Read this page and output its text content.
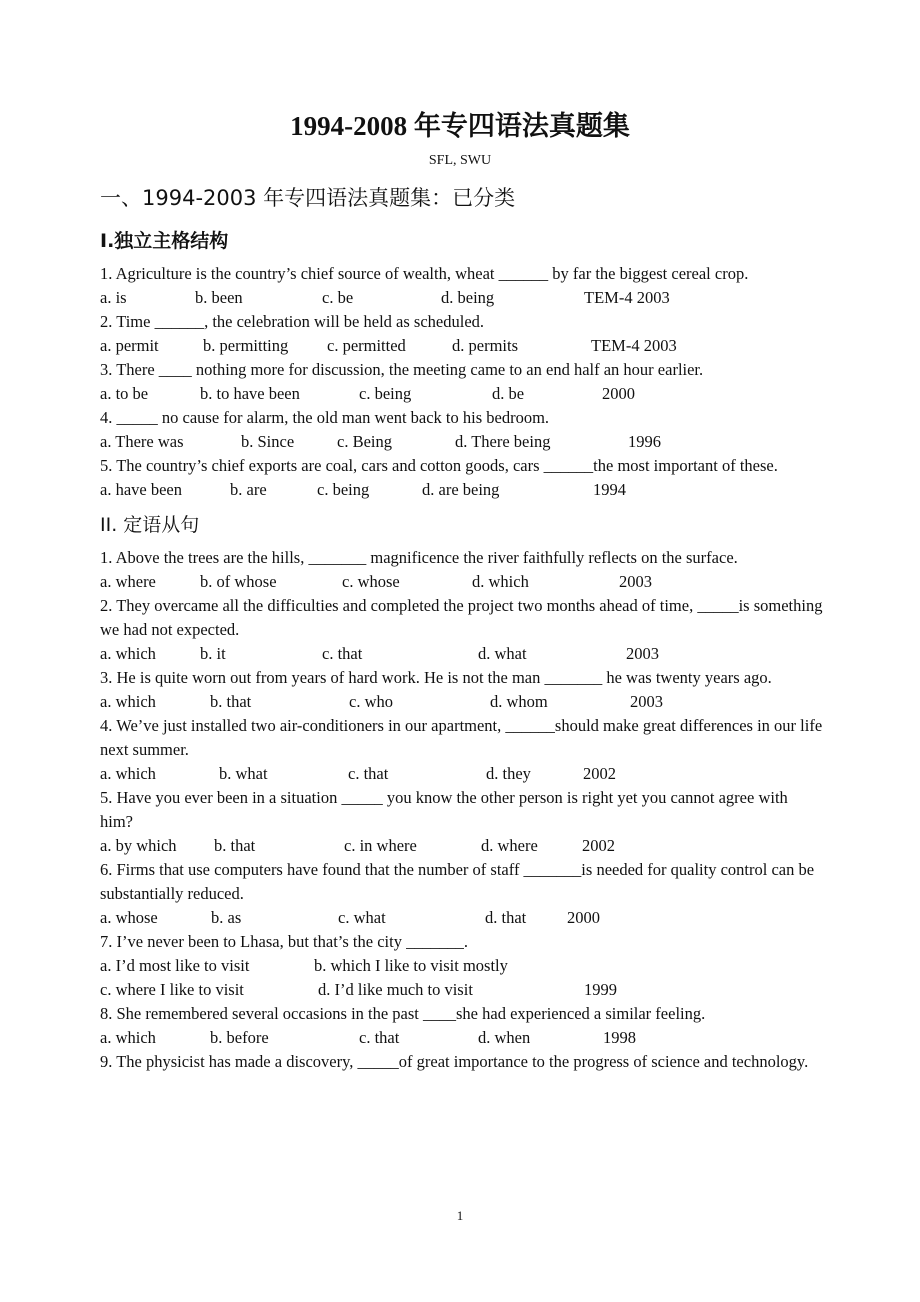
1994-2008 年专四语法真题集
SFL, SWU
一、1994-2003 年专四语法真题集：已分类
I.独立主格结构

1. Agriculture is the country’s chief source of wealth, wheat ______ by far the biggest cereal crop.

a. is	b. been	c. be	d. being	TEM-4 2003

2. Time ______, the celebration will be held as scheduled.

a. permit	b. permitting c. permitted	d. permits	TEM-4 2003

3. There ____ nothing more for discussion, the meeting came to an end half an hour earlier.

a. to be	b. to have been	c. being	d. be	2000

4. _____ no cause for alarm, the old man went back to his bedroom.

a. There was	b. Since	c. Being	d. There being	1996

5. The country’s chief exports are coal, cars and cotton goods, cars ______the most important of these.

a. have been	b. are	c. being	d. are being	1994
II. 定语从句

1. Above the trees are the hills, _______ magnificence the river faithfully reflects on the surface.

a. where	b. of whose	c. whose	d. which	2003

2. They overcame all the difficulties and completed the project two months ahead of time, _____is something we had not expected.

a. which	b. it	c. that	d. what	2003

3. He is quite worn out from years of hard work. He is not the man _______ he was twenty years ago.

a. which	b. that	c. who	d. whom	2003

4. We’ve just installed two air-conditioners in our apartment, ______should make great differences in our life next summer.

a. which	b. what	c. that	d. they	2002

5. Have you ever been in a situation _____ you know the other person is right yet you cannot agree with him?

a. by which b. that	c. in where	d. where	2002

6. Firms that use computers have found that the number of staff _______is needed for quality control can be substantially reduced.

a. whose	b. as	c. what	d. that 2000

7. I’ve never been to Lhasa, but that’s the city _______.

a. I’d most like to visit	b. which I like to visit mostly
c. where I like to visit	d. I’d like much to visit	1999

8. She remembered several occasions in the past ____she had experienced a similar feeling.

a. which	b. before	c. that	d. when	1998

9. The physicist has made a discovery, _____of great importance to the progress of science and technology.

1
